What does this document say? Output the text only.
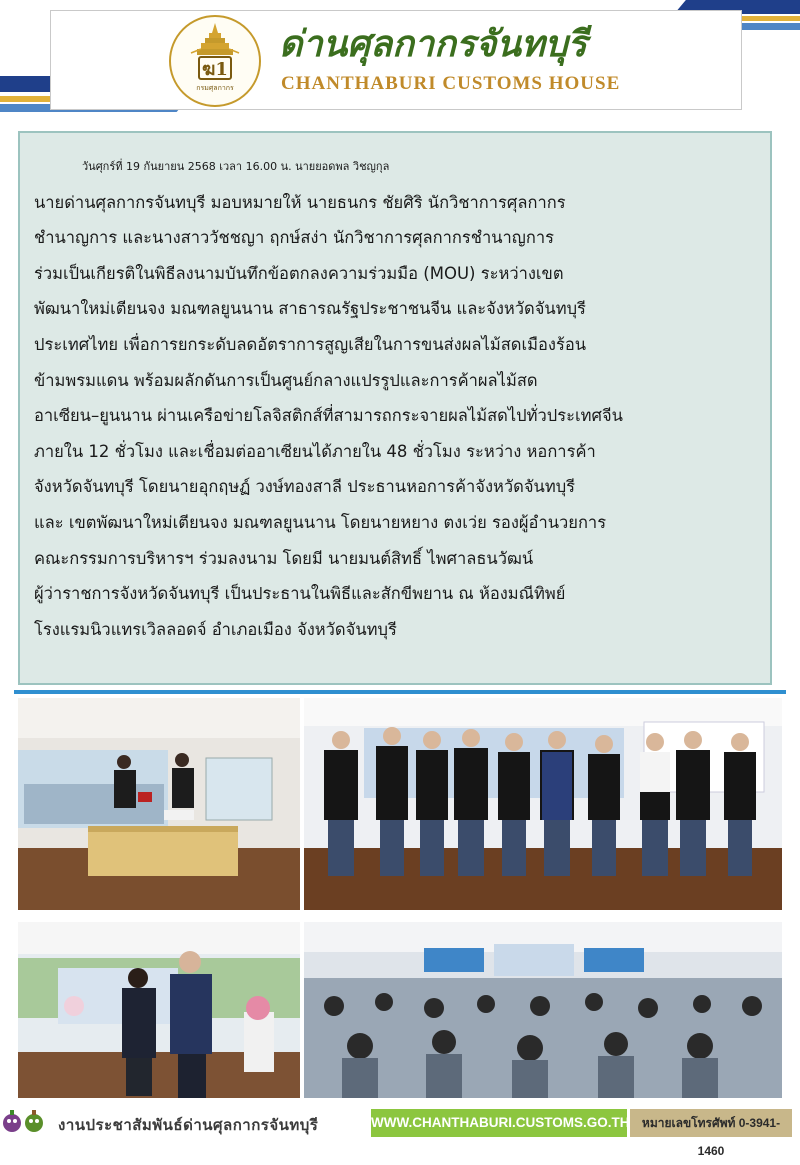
ฆ1
กรมศุลกากร
ด่านศุลกากรจันทบุรี
CHANTHABURI CUSTOMS HOUSE

วันศุกร์ที่ 19 กันยายน 2568 เวลา 16.00 น. นายยอดพล วิชญกุล
นายด่านศุลกากรจันทบุรี มอบหมายให้ นายธนกร ชัยศิริ นักวิชาการศุลกากร
ชำนาญการ และนางสาววัชชญา ฤกษ์สง่า นักวิชาการศุลกากรชำนาญการ
ร่วมเป็นเกียรติในพิธีลงนามบันทึกข้อตกลงความร่วมมือ (MOU) ระหว่างเขต
พัฒนาใหม่เตียนจง มณฑลยูนนาน สาธารณรัฐประชาชนจีน และจังหวัดจันทบุรี
ประเทศไทย เพื่อการยกระดับลดอัตราการสูญเสียในการขนส่งผลไม้สดเมืองร้อน
ข้ามพรมแดน พร้อมผลักดันการเป็นศูนย์กลางแปรรูปและการค้าผลไม้สด
อาเซียน–ยูนนาน ผ่านเครือข่ายโลจิสติกส์ที่สามารถกระจายผลไม้สดไปทั่วประเทศจีน
ภายใน 12 ชั่วโมง และเชื่อมต่ออาเซียนได้ภายใน 48 ชั่วโมง ระหว่าง หอการค้า
จังหวัดจันทบุรี โดยนายอุกฤษฏ์ วงษ์ทองสาลี ประธานหอการค้าจังหวัดจันทบุรี
และ เขตพัฒนาใหม่เตียนจง มณฑลยูนนาน โดยนายหยาง ตงเว่ย รองผู้อำนวยการ
คณะกรรมการบริหารฯ ร่วมลงนาม โดยมี นายมนต์สิทธิ์ ไพศาลธนวัฒน์
ผู้ว่าราชการจังหวัดจันทบุรี เป็นประธานในพิธีและสักขีพยาน ณ ห้องมณีทิพย์
โรงแรมนิวแทรเวิลลอดจ์ อำเภอเมือง จังหวัดจันทบุรี

งานประชาสัมพันธ์ด่านศุลกากรจันทบุรี	WWW.CHANTHABURI.CUSTOMS.GO.TH	หมายเลขโทรศัพท์ 0-3941-1460
